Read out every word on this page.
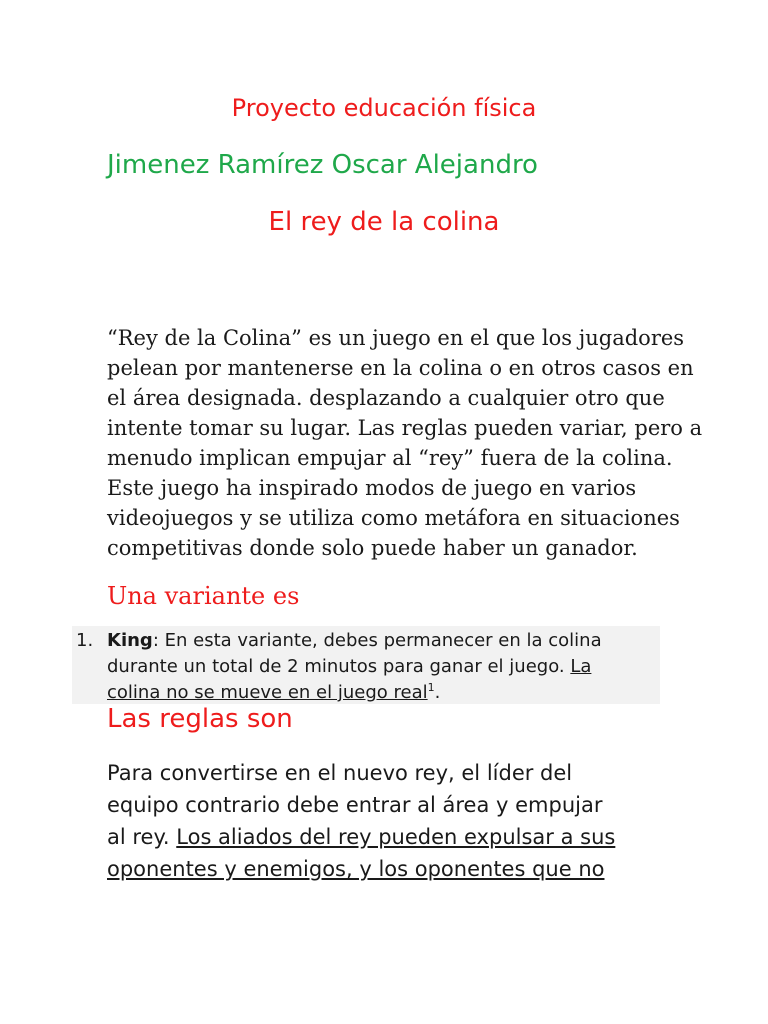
Proyecto educación física
Jimenez Ramírez Oscar Alejandro
El rey de la colina
“Rey de la Colina” es un juego en el que los jugadores
pelean por mantenerse en la colina o en otros casos en
el área designada. desplazando a cualquier otro que
intente tomar su lugar. Las reglas pueden variar, pero a
menudo implican empujar al “rey” fuera de la colina.
Este juego ha inspirado modos de juego en varios
videojuegos y se utiliza como metáfora en situaciones
competitivas donde solo puede haber un ganador.
Una variante es
1. King: En esta variante, debes permanecer en la colina
durante un total de 2 minutos para ganar el juego. La
colina no se mueve en el juego real$^1$.
Las reglas son
Para convertirse en el nuevo rey, el líder del
equipo contrario debe entrar al área y empujar
al rey. Los aliados del rey pueden expulsar a sus
oponentes y enemigos, y los oponentes que no
